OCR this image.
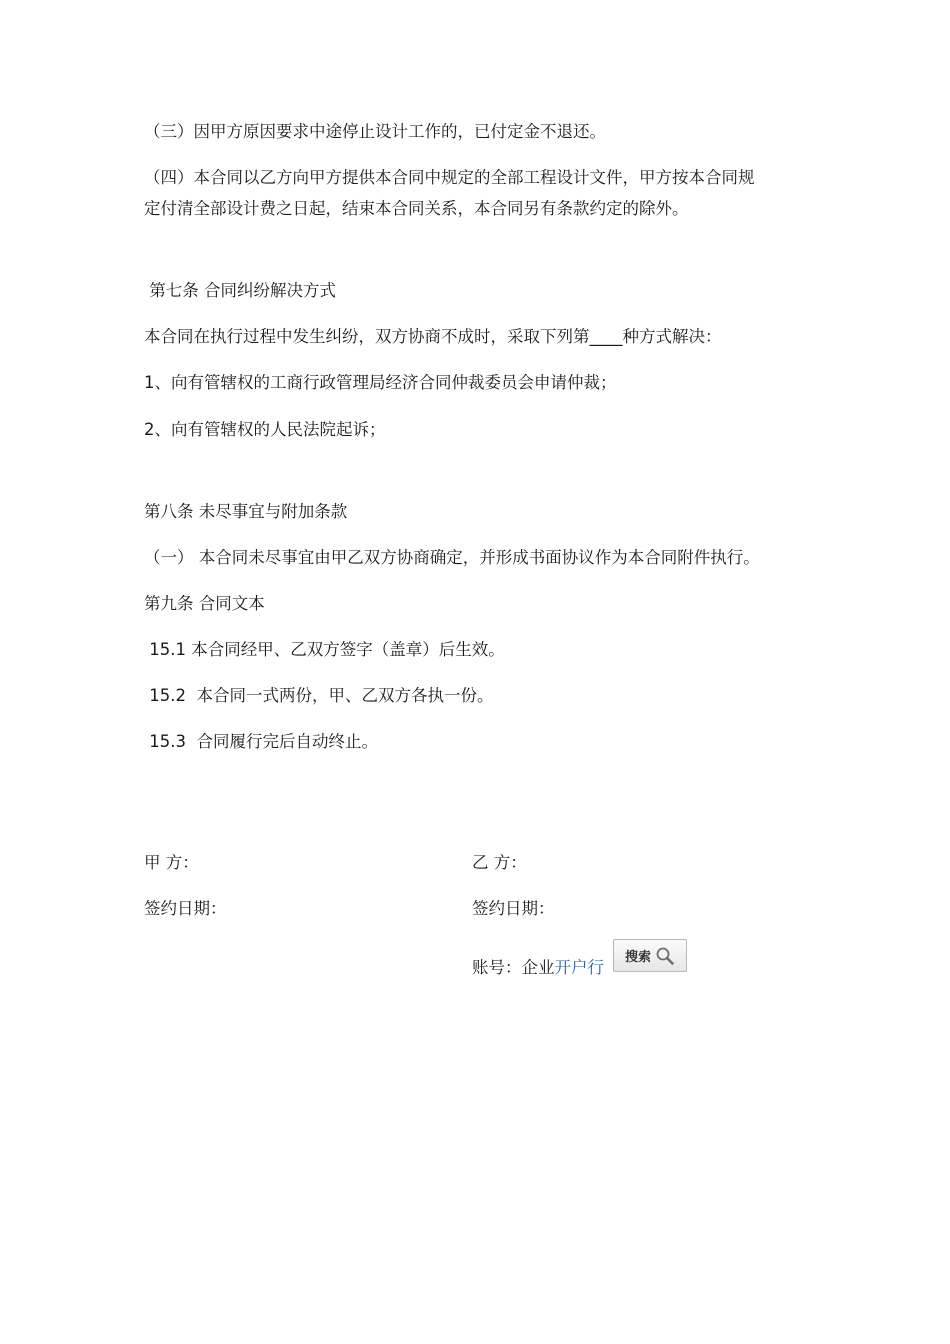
（三）因甲方原因要求中途停止设计工作的，已付定金不退还。
（四）本合同以乙方向甲方提供本合同中规定的全部工程设计文件，甲方按本合同规
定付清全部设计费之日起，结束本合同关系，本合同另有条款约定的除外。
第七条 合同纠纷解决方式
本合同在执行过程中发生纠纷，双方协商不成时，采取下列第____种方式解决：
1、向有管辖权的工商行政管理局经济合同仲裁委员会申请仲裁；
2、向有管辖权的人民法院起诉；
第八条 未尽事宜与附加条款
（一） 本合同未尽事宜由甲乙双方协商确定，并形成书面协议作为本合同附件执行。
第九条 合同文本
15.1 本合同经甲、乙双方签字（盖章）后生效。
15.2  本合同一式两份，甲、乙双方各执一份。
15.3  合同履行完后自动终止。
甲 方：	乙 方：
签约日期：	签约日期：
账号：企业开户行
搜索
